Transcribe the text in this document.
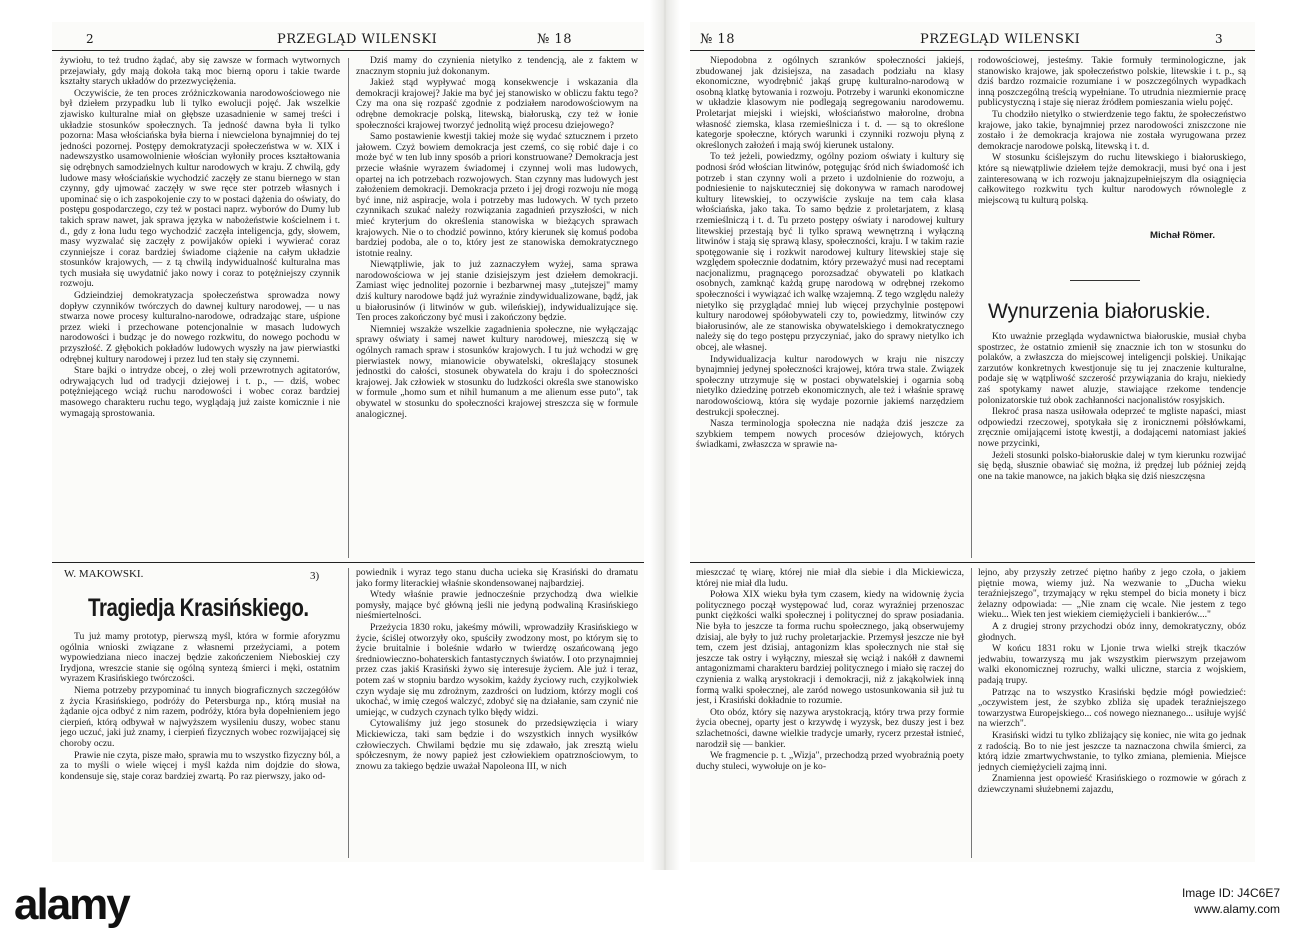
2	PRZEGLĄD WILENSKI	№ 18

żywiołu, to też trudno żądać, aby się zawsze w formach wytwornych przejawiały, gdy mają dokoła taką moc bierną oporu i takie twarde kształty starych układów do przezwyciężenia.

Oczywiście, że ten proces zróżniczkowania narodowościowego nie był dziełem przypadku lub li tylko ewolucji pojęć. Jak wszelkie zjawisko kulturalne miał on głębsze uzasadnienie w samej treści i układzie stosunków społecznych. Ta jedność dawna była li tylko pozorna: Masa włościańska była bierna i niewcielona bynajmniej do tej jedności pozornej. Postępy demokratyzacji społeczeństwa w w. XIX i nadewszystko usamowolnienie włościan wyłoniły proces kształtowania się odrębnych samodzielnych kultur narodowych w kraju. Z chwilą, gdy ludowe masy włościańskie wychodzić zaczęły ze stanu biernego w stan czynny, gdy ujmować zaczęły w swe ręce ster potrzeb własnych i upominać się o ich zaspokojenie czy to w postaci dążenia do oświaty, do postępu gospodarczego, czy też w postaci naprz. wyborów do Dumy lub takich spraw nawet, jak sprawa języka w nabożeństwie kościelnem i t. d., gdy z łona ludu tego wychodzić zaczęła inteligencja, gdy, słowem, masy wyzwalać się zaczęły z powijaków opieki i wywierać coraz czynniejsze i coraz bardziej świadome ciążenie na całym układzie stosunków krajowych, — z tą chwilą indywidualność kulturalna mas tych musiała się uwydatnić jako nowy i coraz to potężniejszy czynnik rozwoju.

Gdzieindziej demokratyzacja społeczeństwa sprowadza nowy dopływ czynników twórczych do dawnej kultury narodowej, — u nas stwarza nowe procesy kulturalno-narodowe, odradzając stare, uśpione przez wieki i przechowane potencjonalnie w masach ludowych narodowości i budząc je do nowego rozkwitu, do nowego pochodu w przyszłość. Z głębokich pokładów ludowych wyszły na jaw pierwiastki odrębnej kultury narodowej i przez lud ten stały się czynnemi.

Stare bajki o intrydze obcej, o złej woli przewrotnych agitatorów, odrywających lud od tradycji dziejowej i t. p., — dziś, wobec potężniejącego wciąż ruchu narodowości i wobec coraz bardziej masowego charakteru ruchu tego, wyglądają już zaiste komicznie i nie wymagają sprostowania.

Dziś mamy do czynienia nietylko z tendencją, ale z faktem w znacznym stopniu już dokonanym.

Jakież stąd wypływać mogą konsekwencje i wskazania dla demokracji krajowej? Jakie ma być jej stanowisko w obliczu faktu tego? Czy ma ona się rozpaść zgodnie z podziałem narodowościowym na odrębne demokracje polską, litewską, białoruską, czy też w łonie społeczności krajowej tworzyć jednolitą więź procesu dziejowego?

Samo postawienie kwestji takiej może się wydać sztucznem i przeto jałowem. Czyż bowiem demokracja jest czemś, co się robić daje i co może być w ten lub inny sposób a priori konstruowane? Demokracja jest przecie właśnie wyrazem świadomej i czynnej woli mas ludowych, opartej na ich potrzebach rozwojowych. Stan czynny mas ludowych jest założeniem demokracji. Demokracja przeto i jej drogi rozwoju nie mogą być inne, niż aspiracje, wola i potrzeby mas ludowych. W tych przeto czynnikach szukać należy rozwiązania zagadnień przyszłości, w nich mieć kryterjum do określenia stanowiska w bieżących sprawach krajowych. Nie o to chodzić powinno, który kierunek się komuś podoba bardziej podoba, ale o to, który jest ze stanowiska demokratycznego istotnie realny.

Niewątpliwie, jak to już zaznaczyłem wyżej, sama sprawa narodowościowa w jej stanie dzisiejszym jest dziełem demokracji. Zamiast więc jednolitej pozornie i bezbarwnej masy „tutejszej" mamy dziś kultury narodowe bądź już wyraźnie zindywidualizowane, bądź, jak u białorusinów (i litwinów w gub. wileńskiej), indywidualizujące się. Ten proces zakończony być musi i zakończony będzie.

Niemniej wszakże wszelkie zagadnienia społeczne, nie wyłączając sprawy oświaty i samej nawet kultury narodowej, mieszczą się w ogólnych ramach spraw i stosunków krajowych. I tu już wchodzi w grę pierwiastek nowy, mianowicie obywatelski, określający stosunek jednostki do całości, stosunek obywatela do kraju i do społeczności krajowej. Jak człowiek w stosunku do ludzkości określa swe stanowisko w formule „homo sum et nihil humanum a me alienum esse puto", tak obywatel w stosunku do społeczności krajowej streszcza się w formule analogicznej.

W. MAKOWSKI.	3)
Tragiedja Krasińskiego.

Tu już mamy prototyp, pierwszą myśl, która w formie aforyzmu ogólnia wnioski związane z własnemi przeżyciami, a potem wypowiedziana nieco inaczej będzie zakończeniem Nieboskiej czy Irydjona, wreszcie stanie się ogólną syntezą śmierci i męki, ostatnim wyrazem Krasińskiego twórczości.

Niema potrzeby przypominać tu innych biograficznych szczegółów z życia Krasińskiego, podróży do Petersburga np., którą musiał na żądanie ojca odbyć z nim razem, podróży, która była dopełnieniem jego cierpień, którą odbywał w najwyższem wysileniu duszy, wobec stanu jego uczuć, jaki już znamy, i cierpień fizycznych wobec rozwijającej się choroby oczu.

Prawie nie czyta, pisze mało, sprawia mu to wszystko fizyczny ból, a za to myśli o wiele więcej i myśl każda nim dojdzie do słowa, kondensuje się, staje coraz bardziej zwartą. Po raz pierwszy, jako od-

powiednik i wyraz tego stanu ducha ucieka się Krasiński do dramatu jako formy literackiej właśnie skondensowanej najbardziej.

Wtedy właśnie prawie jednocześnie przychodzą dwa wielkie pomysły, mające być główną jeśli nie jedyną podwaliną Krasińskiego nieśmiertelności.

Przeżycia 1830 roku, jakeśmy mówili, wprowadziły Krasińskiego w życie, ściślej otworzyły oko, spuściły zwodzony most, po którym się to życie bruitalnie i boleśnie wdarło w twierdzę oszańcowaną jego średniowieczno-bohaterskich fantastycznych światów. I oto przynajmniej przez czas jakiś Krasiński żywo się interesuje życiem. Ale już i teraz, potem zaś w stopniu bardzo wysokim, każdy życiowy ruch, czyjkolwiek czyn wydaje się mu zdrożnym, zazdrości on ludziom, którzy mogli coś ukochać, w imię czegoś walczyć, zdobyć się na działanie, sam czynić nie umiejąc, w cudzych czynach tylko błędy widzi.

Cytowaliśmy już jego stosunek do przedsięwzięcia i wiary Mickiewicza, taki sam będzie i do wszystkich innych wysiłków człowieczych. Chwilami będzie mu się zdawało, jak zresztą wielu spółczesnym, że nowy papież jest człowiekiem opatrznościowym, to znowu za takiego będzie uważał Napoleona III, w nich

№ 18	PRZEGLĄD WILENSKI	3

Niepodobna z ogólnych szranków społeczności jakiejś, zbudowanej jak dzisiejsza, na zasadach podziału na klasy ekonomiczne, wyodrębnić jakąś grupę kulturalno-narodową w osobną klatkę bytowania i rozwoju. Potrzeby i warunki ekonomiczne w układzie klasowym nie podlegają segregowaniu narodowemu. Proletarjat miejski i wiejski, włościaństwo małorolne, drobna własność ziemska, klasa rzemieślnicza i t. d. — są to określone kategorje społeczne, których warunki i czynniki rozwoju płyną z określonych założeń i mają swój kierunek ustalony.

To też jeżeli, powiedzmy, ogólny poziom oświaty i kultury się podnosi śród włościan litwinów, potęgując śród nich świadomość ich potrzeb i stan czynny woli a przeto i uzdolnienie do rozwoju, a podniesienie to najskuteczniej się dokonywa w ramach narodowej kultury litewskiej, to oczywiście zyskuje na tem cała klasa włościańska, jako taka. To samo będzie z proletarjatem, z klasą rzemieślniczą i t. d. Tu przeto postępy oświaty i narodowej kultury litewskiej przestają być li tylko sprawą wewnętrzną i wyłączną litwinów i stają się sprawą klasy, społeczności, kraju. I w takim razie spotęgowanie się i rozkwit narodowej kultury litewskiej staje się względem społecznie dodatnim, który przeważyć musi nad receptami nacjonalizmu, pragnącego porozsadzać obywateli po klatkach osobnych, zamknąć każdą grupę narodową w odrębnej rzekomo społeczności i wywiązać ich walkę wzajemną. Z tego względu należy nietylko się przyglądać mniej lub więcej przychylnie postępowi kultury narodowej spółobywateli czy to, powiedzmy, litwinów czy białorusinów, ale ze stanowiska obywatelskiego i demokratycznego należy się do tego postępu przyczyniać, jako do sprawy nietylko ich obcej, ale własnej.

Indywidualizacja kultur narodowych w kraju nie niszczy bynajmniej jedynej społeczności krajowej, która trwa stale. Związek społeczny utrzymuje się w postaci obywatelskiej i ogarnia sobą nietylko dziedzinę potrzeb ekonomicznych, ale też i właśnie sprawę narodowościową, która się wydaje pozornie jakiemś narzędziem destrukcji społecznej.

Nasza terminologja społeczna nie nadąża dziś jeszcze za szybkiem tempem nowych procesów dziejowych, których świadkami, zwłaszcza w sprawie na-

rodowościowej, jesteśmy. Takie formuły terminologiczne, jak stanowisko krajowe, jak społeczeństwo polskie, litewskie i t. p., są dziś bardzo rozmaicie rozumiane i w poszczególnych wypadkach inną poszczególną treścią wypełniane. To utrudnia niezmiernie pracę publicystyczną i staje się nieraz źródłem pomieszania wielu pojęć.

Tu chodziło nietylko o stwierdzenie tego faktu, że społeczeństwo krajowe, jako takie, bynajmniej przez narodowości zniszczone nie zostało i że demokracja krajowa nie została wyrugowana przez demokracje narodowe polską, litewską i t. d.

W stosunku ściślejszym do ruchu litewskiego i białoruskiego, które są niewątpliwie dziełem tejże demokracji, musi być ona i jest zainteresowaną w ich rozwoju jaknajzupełniejszym dla osiągnięcia całkowitego rozkwitu tych kultur narodowych równolegle z miejscową tu kulturą polską.

Michał Römer.
Wynurzenia białoruskie.

Kto uważnie przegląda wydawnictwa białoruskie, musiał chyba spostrzec, że ostatnio zmienił się znacznie ich ton w stosunku do polaków, a zwłaszcza do miejscowej inteligencji polskiej. Unikając zarzutów konkretnych kwestjonuje się tu jej znaczenie kulturalne, podaje się w wątpliwość szczerość przywiązania do kraju, niekiedy zaś spotykamy nawet aluzje, stawiające rzekome tendencje polonizatorskie tuż obok zachłanności nacjonalistów rosyjskich.

Ilekroć prasa nasza usiłowała odeprzeć te mgliste napaści, miast odpowiedzi rzeczowej, spotykała się z ironicznemi półsłówkami, zręcznie omijającemi istotę kwestji, a dodającemi natomiast jakieś nowe przycinki,

Jeżeli stosunki polsko-białoruskie dalej w tym kierunku rozwijać się będą, słusznie obawiać się można, iż prędzej lub później zejdą one na takie manowce, na jakich błąka się dziś nieszczęsna

mieszczać tę wiarę, której nie miał dla siebie i dla Mickiewicza, której nie miał dla ludu.

Połowa XIX wieku była tym czasem, kiedy na widownię życia politycznego począł występować lud, coraz wyraźniej przenoszac punkt ciężkości walki społecznej i politycznej do spraw posiadania. Nie była to jeszcze ta forma ruchu społecznego, jaką obserwujemy dzisiaj, ale były to już ruchy proletarjackie. Przemysł jeszcze nie był tem, czem jest dzisiaj, antagonizm klas społecznych nie stał się jeszcze tak ostry i wyłączny, mieszał się wciąż i nakółł z dawnemi antagonizmami charakteru bardziej politycznego i miało się raczej do czynienia z walką arystokracji i demokracji, niż z jakąkolwiek inną formą walki społecznej, ale zaród nowego ustosunkowania sił już tu jest, i Krasiński dokładnie to rozumie.

Oto obóz, który się nazywa arystokracją, który trwa przy formie życia obecnej, oparty jest o krzywdę i wyzysk, bez duszy jest i bez szlachetności, dawne wielkie tradycje umarły, rycerz przestał istnieć, narodził się — bankier.

We fragmencie p. t. „Wizja", przechodzą przed wyobraźnią poety duchy stuleci, wywołuje on je ko-

lejno, aby przyszły zetrzeć piętno hańby z jego czoła, o jakiem piętnie mowa, wiemy już. Na wezwanie to „Ducha wieku teraźniejszego", trzymający w ręku stempel do bicia monety i bicz żelazny odpowiada: — „Nie znam cię wcale. Nie jestem z tego wieku... Wiek ten jest wiekiem ciemiężycieli i bankierów...."

A z drugiej strony przychodzi obóz inny, demokratyczny, obóz głodnych.

W końcu 1831 roku w Ljonie trwa wielki strejk tkaczów jedwabiu, towarzyszą mu jak wszystkim pierwszym przejawom walki ekonomicznej rozruchy, walki uliczne, starcia z wojskiem, padają trupy.

Patrząc na to wszystko Krasiński będzie mógł powiedzieć: „oczywistem jest, że szybko zbliża się upadek teraźniejszego towarzystwa Europejskiego... coś nowego nieznanego... usiłuje wyjść na wierzch".

Krasiński widzi tu tylko zbliżający się koniec, nie wita go jednak z radością. Bo to nie jest jeszcze ta naznaczona chwila śmierci, za którą idzie zmartwychwstanie, to tylko zmiana, plemienia. Miejsce jednych ciemiężycieli zajmą inni.

Znamienna jest opowieść Krasińskiego o rozmowie w górach z dziewczynami służebnemi zajazdu,

alamy	Image ID: J4C6E7
www.alamy.com
